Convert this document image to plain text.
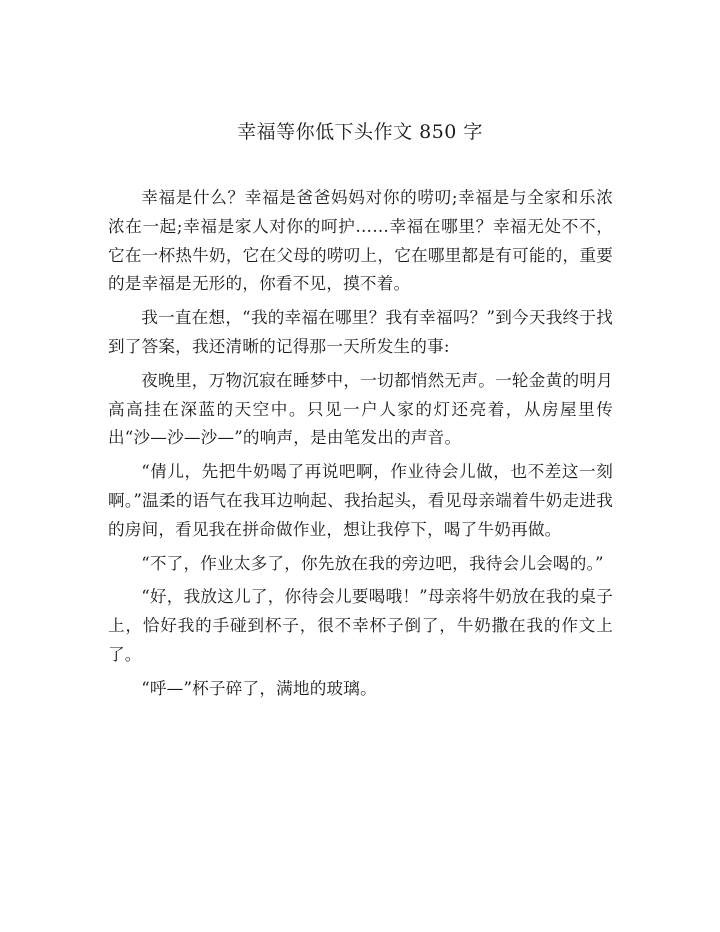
幸福等你低下头作文 850 字

幸福是什么？幸福是爸爸妈妈对你的唠叨;幸福是与全家和乐浓浓在一起;幸福是家人对你的呵护……幸福在哪里？幸福无处不不，它在一杯热牛奶，它在父母的唠叨上，它在哪里都是有可能的，重要的是幸福是无形的，你看不见，摸不着。

我一直在想，“我的幸福在哪里？我有幸福吗？”到今天我终于找到了答案，我还清晰的记得那一天所发生的事:

夜晚里，万物沉寂在睡梦中，一切都悄然无声。一轮金黄的明月高高挂在深蓝的天空中。只见一户人家的灯还亮着，从房屋里传出“沙—沙—沙—”的响声，是由笔发出的声音。

“倩儿，先把牛奶喝了再说吧啊，作业待会儿做，也不差这一刻啊。”温柔的语气在我耳边响起、我抬起头，看见母亲端着牛奶走进我的房间，看见我在拼命做作业，想让我停下，喝了牛奶再做。

“不了，作业太多了，你先放在我的旁边吧，我待会儿会喝的。”

“好，我放这儿了，你待会儿要喝哦！”母亲将牛奶放在我的桌子上，恰好我的手碰到杯子，很不幸杯子倒了，牛奶撒在我的作文上了。

“呼—”杯子碎了，满地的玻璃。
